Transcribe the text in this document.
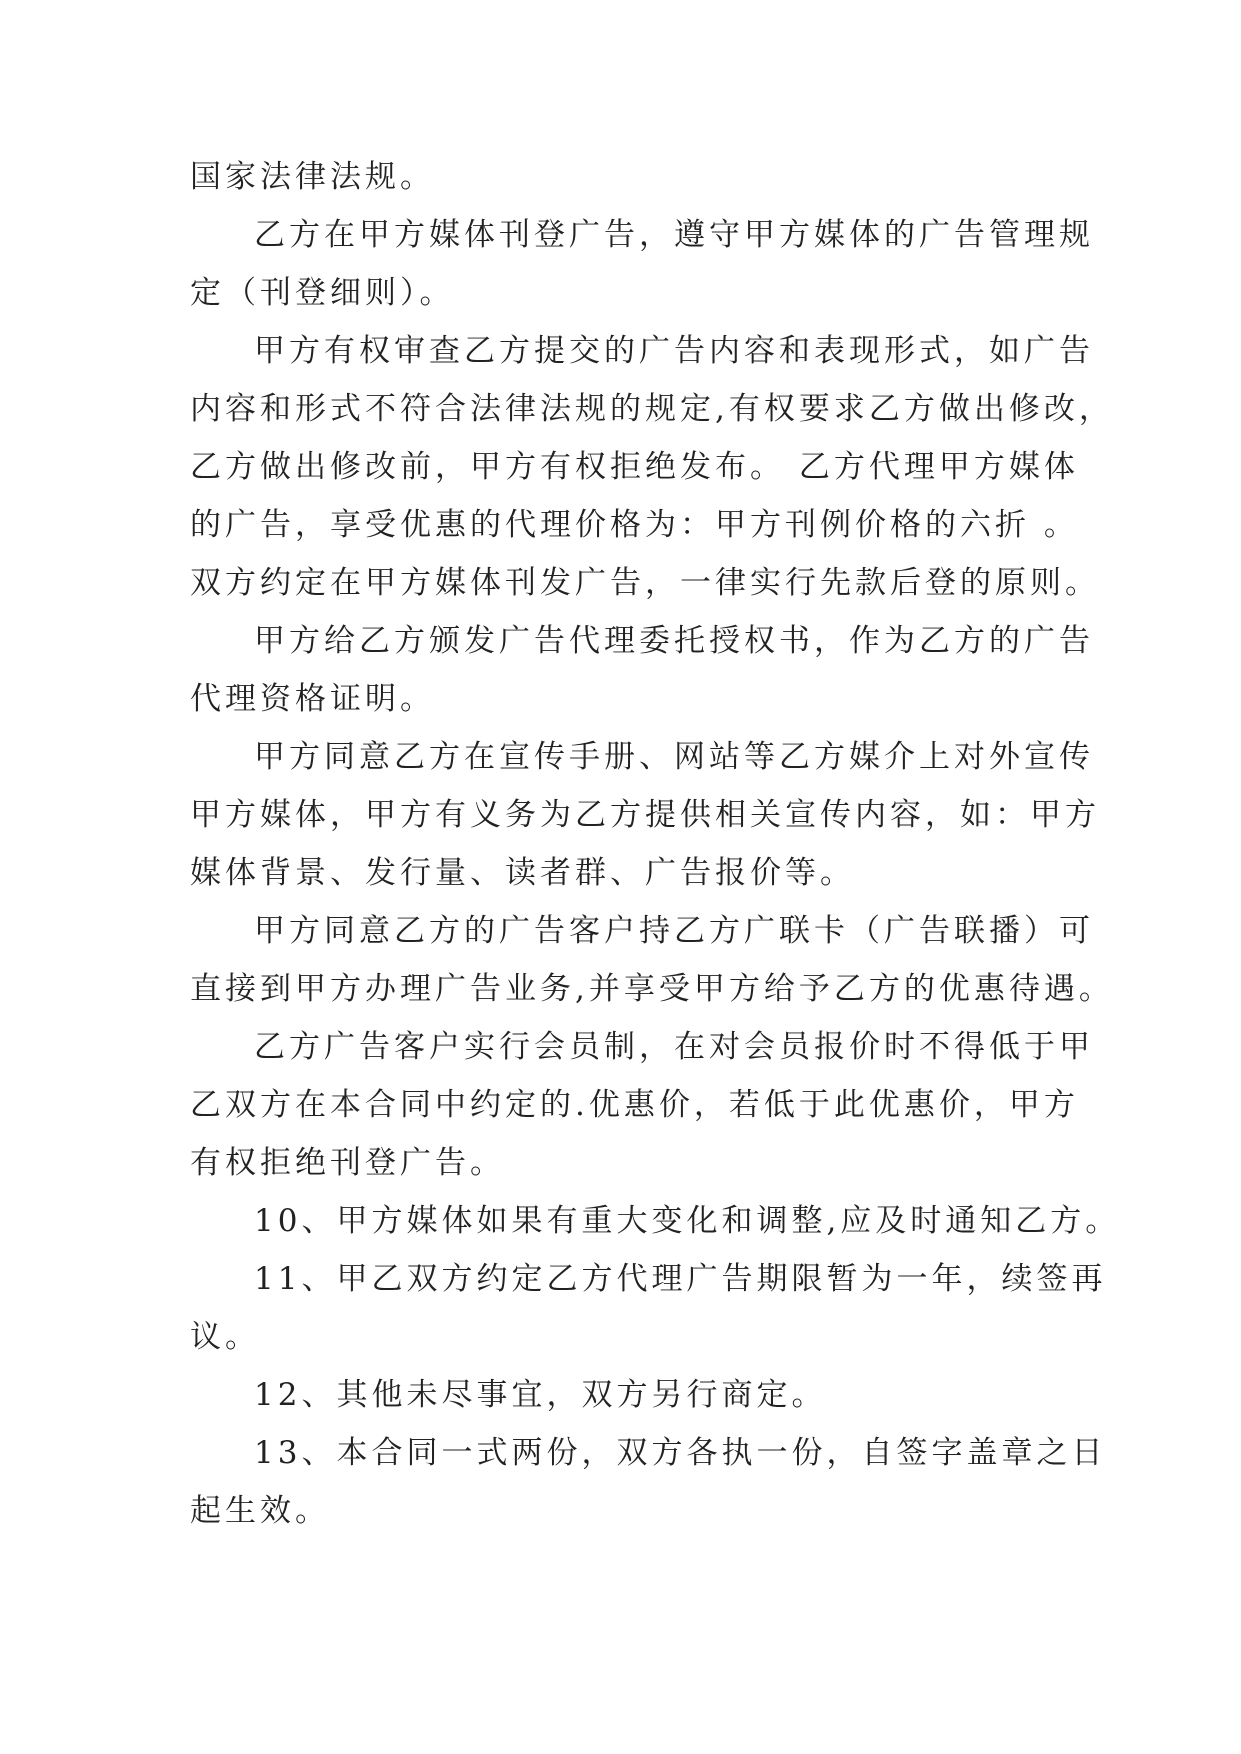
国家法律法规。
乙方在甲方媒体刊登广告，遵守甲方媒体的广告管理规
定（刊登细则）。
甲方有权审查乙方提交的广告内容和表现形式，如广告
内容和形式不符合法律法规的规定,有权要求乙方做出修改，
乙方做出修改前，甲方有权拒绝发布。 乙方代理甲方媒体
的广告，享受优惠的代理价格为：甲方刊例价格的六折 。
双方约定在甲方媒体刊发广告，一律实行先款后登的原则。
甲方给乙方颁发广告代理委托授权书，作为乙方的广告
代理资格证明。
甲方同意乙方在宣传手册、网站等乙方媒介上对外宣传
甲方媒体，甲方有义务为乙方提供相关宣传内容，如：甲方
媒体背景、发行量、读者群、广告报价等。
甲方同意乙方的广告客户持乙方广联卡（广告联播）可
直接到甲方办理广告业务,并享受甲方给予乙方的优惠待遇。
乙方广告客户实行会员制，在对会员报价时不得低于甲
乙双方在本合同中约定的.优惠价，若低于此优惠价，甲方
有权拒绝刊登广告。
10、甲方媒体如果有重大变化和调整,应及时通知乙方。
11、甲乙双方约定乙方代理广告期限暂为一年，续签再
议。
12、其他未尽事宜，双方另行商定。
13、本合同一式两份，双方各执一份，自签字盖章之日
起生效。
